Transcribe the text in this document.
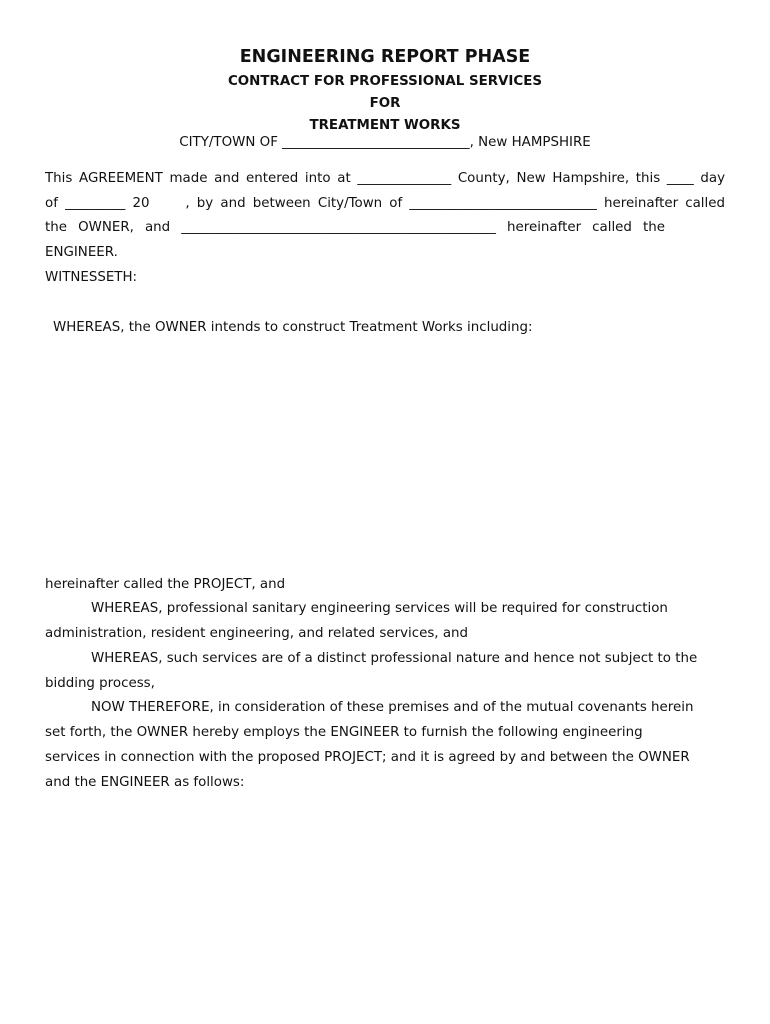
ENGINEERING REPORT PHASE
CONTRACT FOR PROFESSIONAL SERVICES
FOR
TREATMENT WORKS
CITY/TOWN OF ____________________________, New HAMPSHIRE
This AGREEMENT made and entered into at ______________ County, New Hampshire, this ____ day
of _________ 20     , by and between City/Town of ____________________________ hereinafter called
the OWNER, and _______________________________________________ hereinafter called the
ENGINEER.
WITNESSETH:
WHEREAS, the OWNER intends to construct Treatment Works including:
hereinafter called the PROJECT, and
WHEREAS, professional sanitary engineering services will be required for construction
administration, resident engineering, and related services, and
WHEREAS, such services are of a distinct professional nature and hence not subject to the
bidding process,
NOW THEREFORE, in consideration of these premises and of the mutual covenants herein
set forth, the OWNER hereby employs the ENGINEER to furnish the following engineering
services in connection with the proposed PROJECT; and it is agreed by and between the OWNER
and the ENGINEER as follows:
